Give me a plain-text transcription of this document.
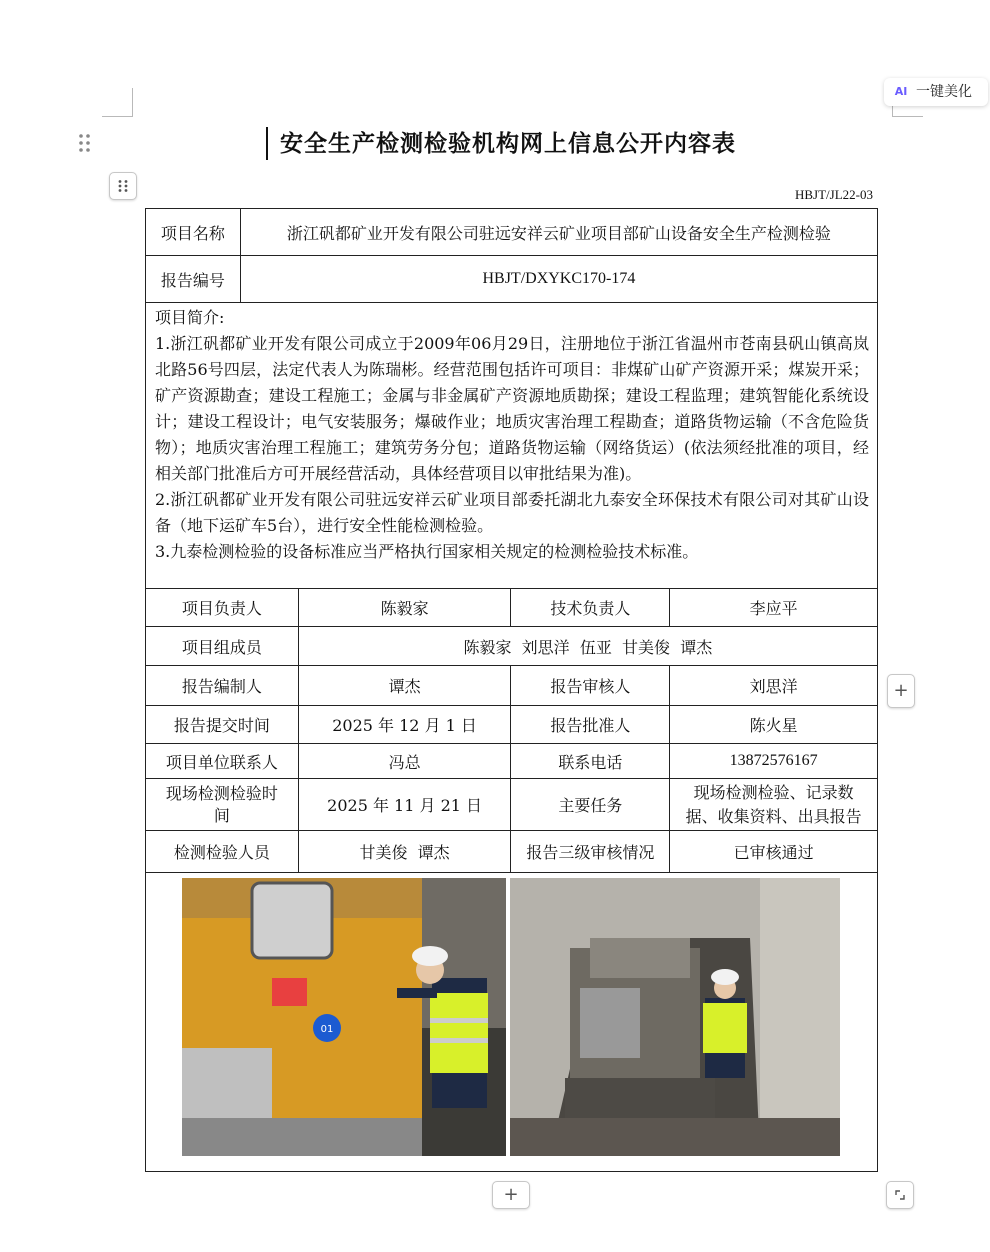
AI 一键美化
安全生产检测检验机构网上信息公开内容表
HBJT/JL22-03
项目名称	浙江矾都矿业开发有限公司驻远安祥云矿业项目部矿山设备安全生产检测检验			
报告编号	HBJT/DXYKC170-174			

项目简介:

1.浙江矾都矿业开发有限公司成立于2009年06月29日，注册地位于浙江省温州市苍南县矾山镇高岚北路56号四层，法定代表人为陈瑞彬。经营范围包括许可项目：非煤矿山矿产资源开采；煤炭开采；矿产资源勘查；建设工程施工；金属与非金属矿产资源地质勘探；建设工程监理；建筑智能化系统设计；建设工程设计；电气安装服务；爆破作业；地质灾害治理工程勘查；道路货物运输（不含危险货物）；地质灾害治理工程施工；建筑劳务分包；道路货物运输（网络货运）(依法须经批准的项目，经相关部门批准后方可开展经营活动，具体经营项目以审批结果为准)。

2.浙江矾都矿业开发有限公司驻远安祥云矿业项目部委托湖北九泰安全环保技术有限公司对其矿山设备（地下运矿车5台），进行安全性能检测检验。

3.九泰检测检验的设备标准应当严格执行国家相关规定的检测检验技术标准。				

项目负责人		陈毅家	技术负责人	李应平
项目组成员		陈毅家  刘思洋  伍亚  甘美俊  谭杰		
报告编制人		谭杰	报告审核人	刘思洋
报告提交时间		2025 年 12 月 1 日	报告批准人	陈火星
项目单位联系人		冯总	联系电话	13872576167
现场检测检验时间		2025 年 11 月 21 日	主要任务	现场检测检验、记录数据、收集资料、出具报告
检测检验人员		甘美俊  谭杰	报告三级审核情况	已审核通过

01				
+
+
